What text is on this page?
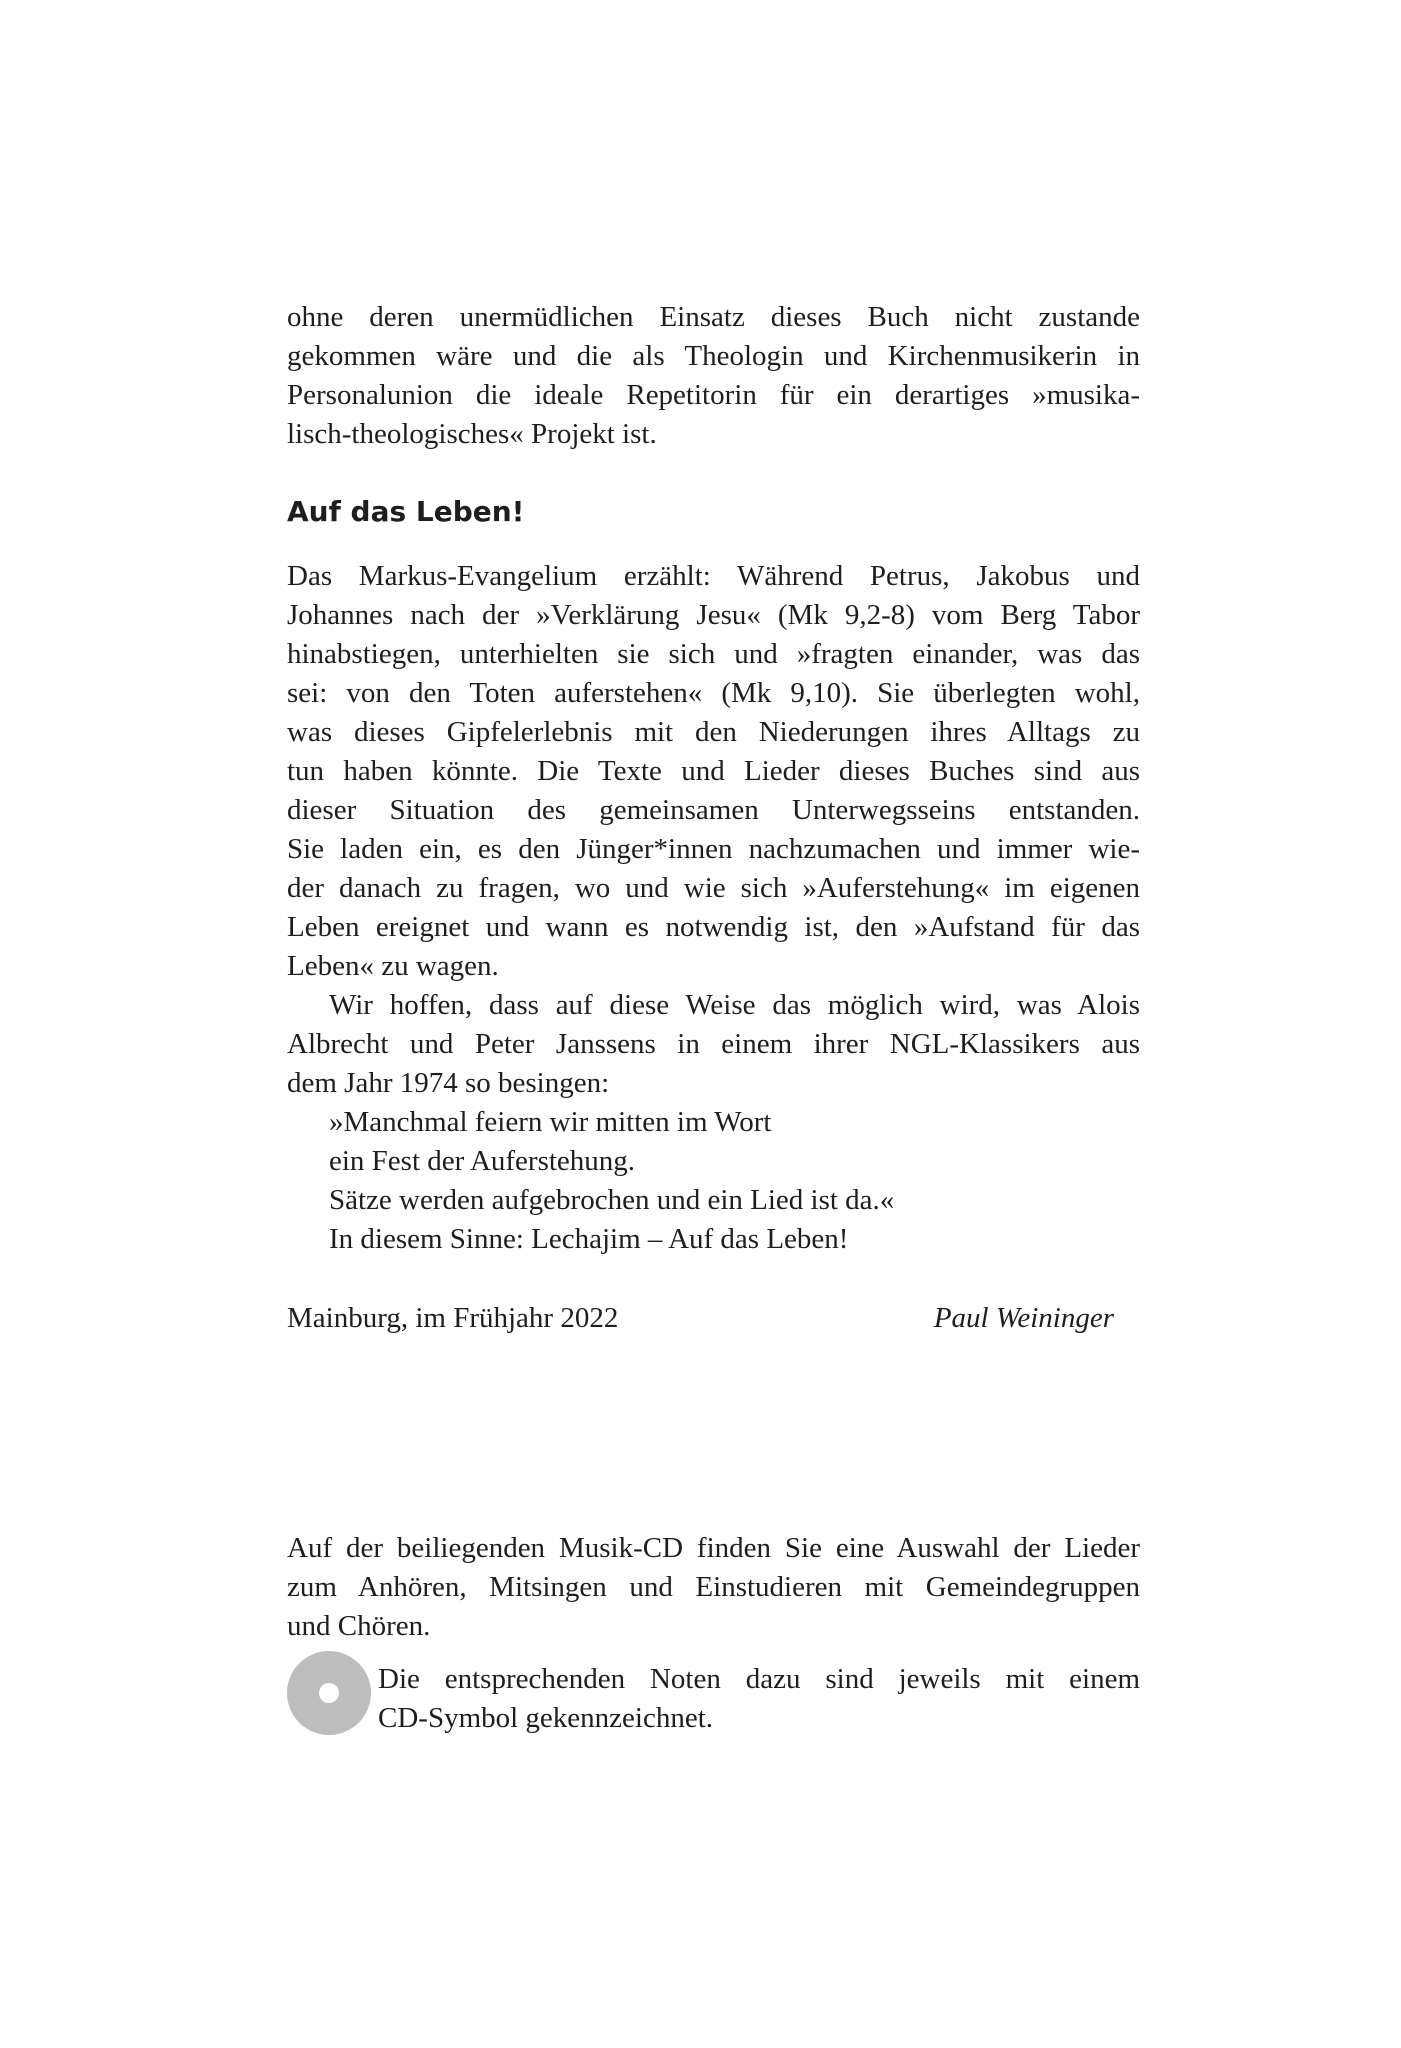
ohne deren unermüdlichen Einsatz dieses Buch nicht zustande

gekommen wäre und die als Theologin und Kirchenmusikerin in

Personalunion die ideale Repetitorin für ein derartiges »musika-

lisch-theologisches« Projekt ist.

Auf das Leben!

Das Markus-Evangelium erzählt: Während Petrus, Jakobus und

Johannes nach der »Verklärung Jesu« (Mk 9,2-8) vom Berg Tabor

hinabstiegen, unterhielten sie sich und »fragten einander, was das

sei: von den Toten auferstehen« (Mk 9,10). Sie überlegten wohl,

was dieses Gipfelerlebnis mit den Niederungen ihres Alltags zu

tun haben könnte. Die Texte und Lieder dieses Buches sind aus

dieser Situation des gemeinsamen Unterwegsseins entstanden.

Sie laden ein, es den Jünger*innen nachzumachen und immer wie-

der danach zu fragen, wo und wie sich »Auferstehung« im eigenen

Leben ereignet und wann es notwendig ist, den »Aufstand für das

Leben« zu wagen.

Wir hoffen, dass auf diese Weise das möglich wird, was Alois

Albrecht und Peter Janssens in einem ihrer NGL-Klassikers aus

dem Jahr 1974 so besingen:

»Manchmal feiern wir mitten im Wort

ein Fest der Auferstehung.

Sätze werden aufgebrochen und ein Lied ist da.«

In diesem Sinne: Lechajim – Auf das Leben!

Mainburg, im Frühjahr 2022	Paul Weininger

Auf der beiliegenden Musik-CD finden Sie eine Auswahl der Lieder

zum Anhören, Mitsingen und Einstudieren mit Gemeindegruppen

und Chören.

Die entsprechenden Noten dazu sind jeweils mit einem

CD-Symbol gekennzeichnet.
